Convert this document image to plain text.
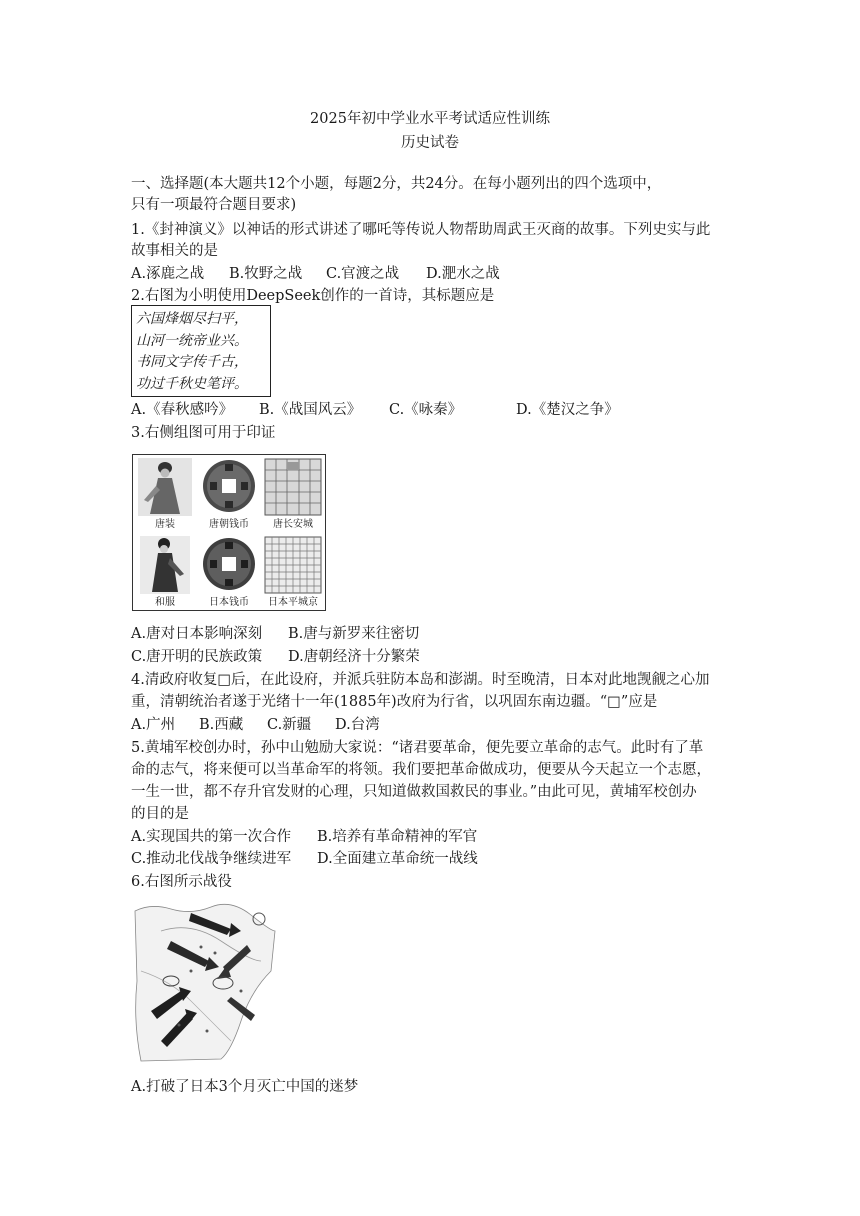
2025年初中学业水平考试适应性训练
历史试卷
一、选择题(本大题共12个小题，每题2分，共24分。在每小题列出的四个选项中，
只有一项最符合题目要求)
1.《封神演义》以神话的形式讲述了哪吒等传说人物帮助周武王灭商的故事。下列史实与此
故事相关的是
A.涿鹿之战 B.牧野之战 C.官渡之战 D.淝水之战
2.右图为小明使用DeepSeek创作的一首诗，其标题应是
六国烽烟尽扫平，
山河一统帝业兴。
书同文字传千古，
功过千秋史笔评。
A.《春秋感吟》 B.《战国风云》 C.《咏秦》	D.《楚汉之争》
3.右侧组图可用于印证
唐装	唐朝钱币	唐长安城
和服	日本钱币	日本平城京
A.唐对日本影响深刻 B.唐与新罗来往密切
C.唐开明的民族政策 D.唐朝经济十分繁荣
4.清政府收复□后，在此设府，并派兵驻防本岛和澎湖。时至晚清，日本对此地觊觎之心加
重，清朝统治者遂于光绪十一年(1885年)改府为行省，以巩固东南边疆。“□”应是
A.广州 B.西藏 C.新疆 D.台湾
5.黄埔军校创办时，孙中山勉励大家说：“诸君要革命，便先要立革命的志气。此时有了革
命的志气，将来便可以当革命军的将领。我们要把革命做成功，便要从今天起立一个志愿，
一生一世，都不存升官发财的心理，只知道做救国救民的事业。”由此可见，黄埔军校创办
的目的是
A.实现国共的第一次合作 B.培养有革命精神的军官
C.推动北伐战争继续进军 D.全面建立革命统一战线
6.右图所示战役
A.打破了日本3个月灭亡中国的迷梦
